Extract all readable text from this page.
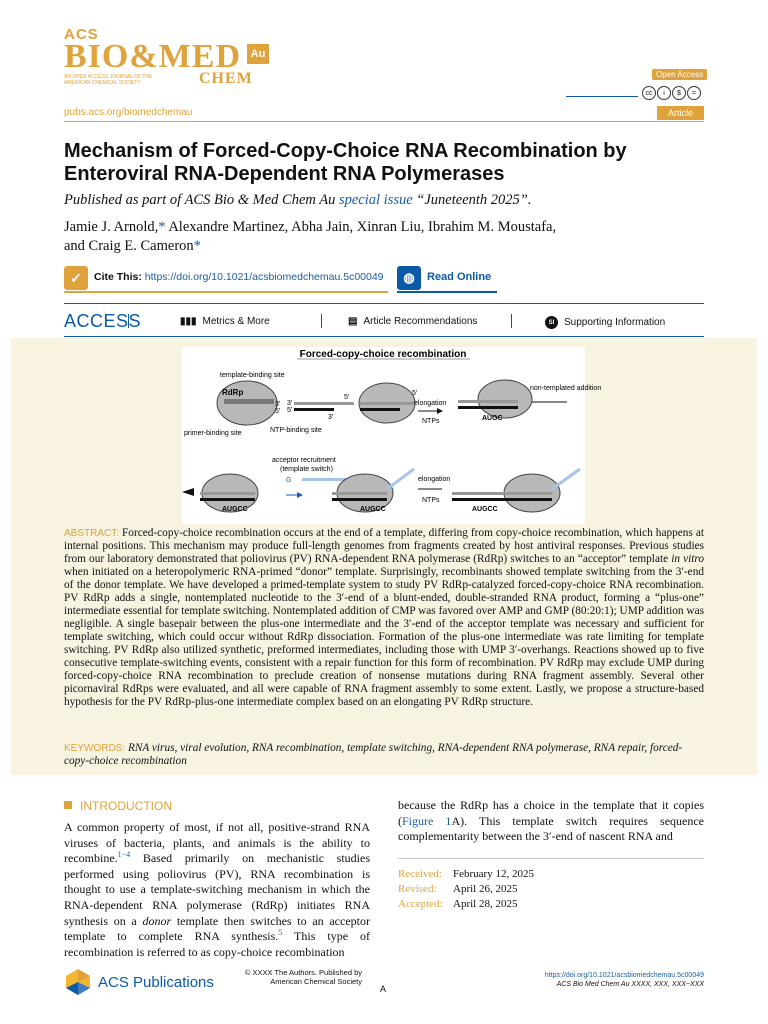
ACS
BIO&MED Au
AN OPEN ACCESS JOURNAL OF THE AMERICAN CHEMICAL SOCIETY	CHEM	Open Access
cc	i	$	=
pubs.acs.org/biomedchemau	Article
Mechanism of Forced-Copy-Choice RNA Recombination by Enteroviral RNA-Dependent RNA Polymerases
Published as part of ACS Bio & Med Chem Au special issue “Juneteenth 2025”.
Jamie J. Arnold,* Alexandre Martinez, Abha Jain, Xinran Liu, Ibrahim M. Moustafa,
and Craig E. Cameron*
✓	Cite This: https://doi.org/10.1021/acsbiomedchemau.5c00049	◍	Read Online
ACCESS	▮▮▮ Metrics & More	▤ Article Recommendations	SI Supporting Information
Forced-copy-choice recombination
template-binding site
RdRp
3'
5'
primer-binding site	NTP-binding site
3'
5'
5'
3'
5'
elongation
NTPs	AUGC
non-templated addition
acceptor recruitment
(template switch)
G
AUGCC	AUGCC
elongation
NTPs
AUGCC
ABSTRACT: Forced-copy-choice recombination occurs at the end of a template, differing from copy-choice recombination, which happens at internal positions. This mechanism may produce full-length genomes from fragments created by host antiviral responses. Previous studies from our laboratory demonstrated that poliovirus (PV) RNA-dependent RNA polymerase (RdRp) switches to an “acceptor” template in vitro when initiated on a heteropolymeric RNA-primed “donor” template. Surprisingly, recombinants showed template switching from the 3′-end of the donor template. We have developed a primed-template system to study PV RdRp-catalyzed forced-copy-choice RNA recombination. PV RdRp adds a single, nontemplated nucleotide to the 3′-end of a blunt-ended, double-stranded RNA product, forming a “plus-one” intermediate essential for template switching. Nontemplated addition of CMP was favored over AMP and GMP (80:20:1); UMP addition was negligible. A single basepair between the plus-one intermediate and the 3′-end of the acceptor template was necessary and sufficient for template switching, which could occur without RdRp dissociation. Formation of the plus-one intermediate was rate limiting for template switching. PV RdRp also utilized synthetic, preformed intermediates, including those with UMP 3′-overhangs. Reactions showed up to five consecutive template-switching events, consistent with a repair function for this form of recombination. PV RdRp may exclude UMP during forced-copy-choice RNA recombination to preclude creation of nonsense mutations during RNA fragment assembly. Several other picornaviral RdRps were evaluated, and all were capable of RNA fragment assembly to some extent. Lastly, we propose a structure-based hypothesis for the PV RdRp-plus-one intermediate complex based on an elongating PV RdRp structure.
KEYWORDS: RNA virus, viral evolution, RNA recombination, template switching, RNA-dependent RNA polymerase, RNA repair, forced-copy-choice recombination
INTRODUCTION
A common property of most, if not all, positive-strand RNA viruses of bacteria, plants, and animals is the ability to recombine.$^{1-4}$ Based primarily on mechanistic studies performed using poliovirus (PV), RNA recombination is thought to use a template-switching mechanism in which the RNA-dependent RNA polymerase (RdRp) initiates RNA synthesis on a donor template then switches to an acceptor template to complete RNA synthesis.$^5$ This type of recombination is referred to as copy-choice recombination
because the RdRp has a choice in the template that it copies (Figure 1A). This template switch requires sequence complementarity between the 3′-end of nascent RNA and
Received: February 12, 2025
Revised: April 26, 2025
Accepted: April 28, 2025
ACS Publications
© XXXX The Authors. Published by American Chemical Society
A
https://doi.org/10.1021/acsbiomedchemau.5c00049
ACS Bio Med Chem Au XXXX, XXX, XXX−XXX
